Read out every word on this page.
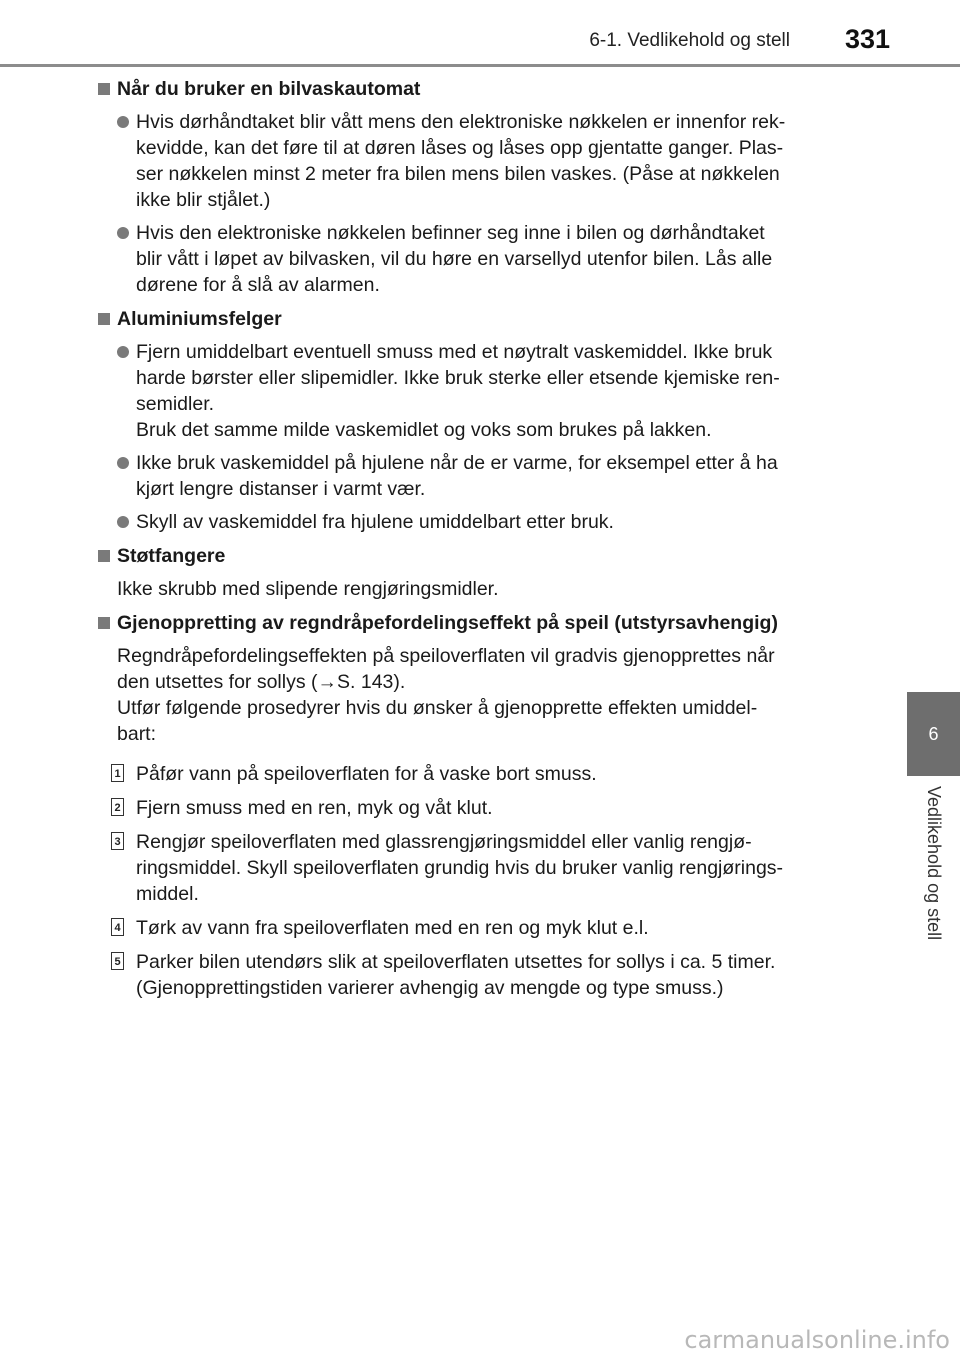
6-1. Vedlikehold og stell 331
6
Vedlikehold og stell
Når du bruker en bilvaskautomat
Hvis dørhåndtaket blir vått mens den elektroniske nøkkelen er innenfor rek-
kevidde, kan det føre til at døren låses og låses opp gjentatte ganger. Plas-
ser nøkkelen minst 2 meter fra bilen mens bilen vaskes. (Påse at nøkkelen
ikke blir stjålet.)
Hvis den elektroniske nøkkelen befinner seg inne i bilen og dørhåndtaket
blir vått i løpet av bilvasken, vil du høre en varsellyd utenfor bilen. Lås alle
dørene for å slå av alarmen.
Aluminiumsfelger
Fjern umiddelbart eventuell smuss med et nøytralt vaskemiddel. Ikke bruk
harde børster eller slipemidler. Ikke bruk sterke eller etsende kjemiske ren-
semidler.
Bruk det samme milde vaskemidlet og voks som brukes på lakken.
Ikke bruk vaskemiddel på hjulene når de er varme, for eksempel etter å ha
kjørt lengre distanser i varmt vær.
Skyll av vaskemiddel fra hjulene umiddelbart etter bruk.
Støtfangere
Ikke skrubb med slipende rengjøringsmidler.
Gjenoppretting av regndråpefordelingseffekt på speil (utstyrsavhengig)
Regndråpefordelingseffekten på speiloverflaten vil gradvis gjenopprettes når
den utsettes for sollys (→S. 143).
Utfør følgende prosedyrer hvis du ønsker å gjenopprette effekten umiddel-
bart:
1 Påfør vann på speiloverflaten for å vaske bort smuss.
2 Fjern smuss med en ren, myk og våt klut.
3 Rengjør speiloverflaten med glassrengjøringsmiddel eller vanlig rengjø-
ringsmiddel. Skyll speiloverflaten grundig hvis du bruker vanlig rengjørings-
middel.
4 Tørk av vann fra speiloverflaten med en ren og myk klut e.l.
5 Parker bilen utendørs slik at speiloverflaten utsettes for sollys i ca. 5 timer.
(Gjenopprettingstiden varierer avhengig av mengde og type smuss.)
carmanualsonline.info
